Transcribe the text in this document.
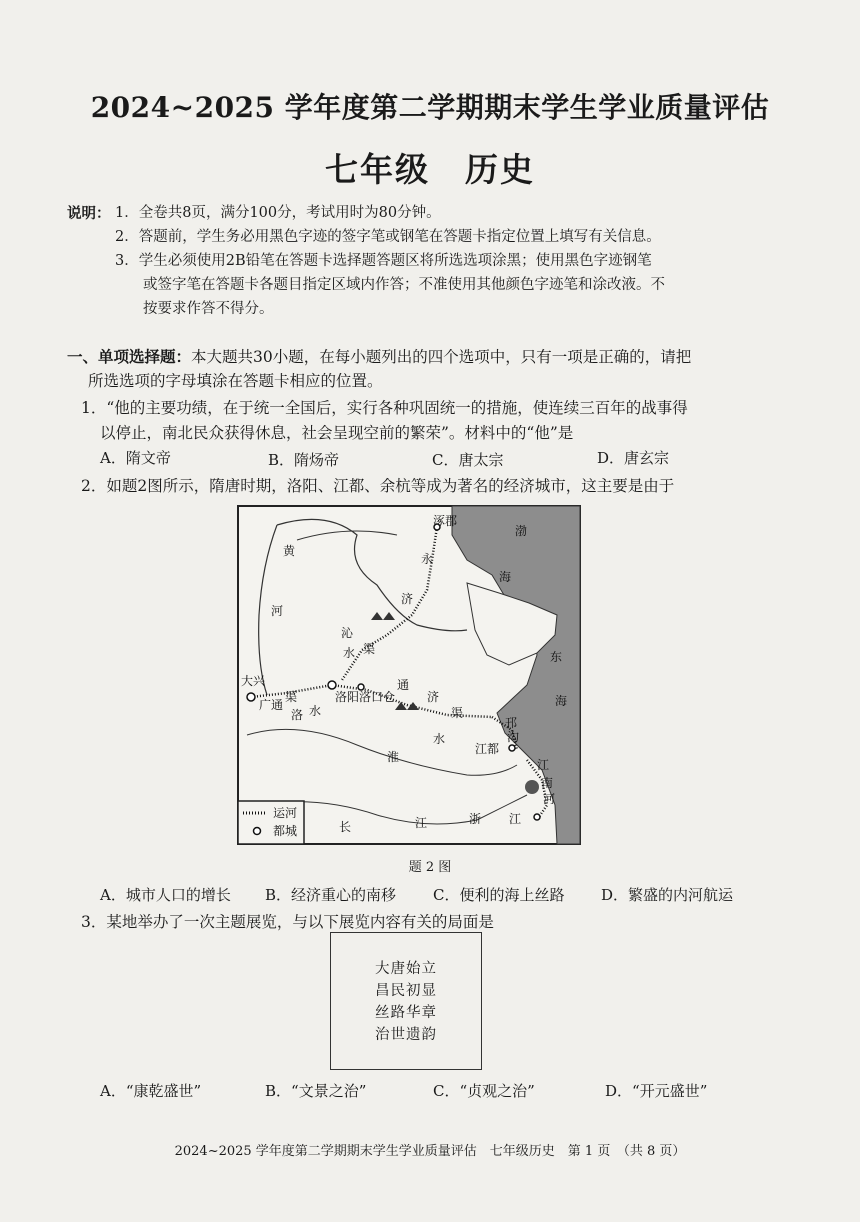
2024~2025 学年度第二学期期末学生学业质量评估
七年级　历史
说明： 1．全卷共8页，满分100分，考试用时为80分钟。
2．答题前，学生务必用黑色字迹的签字笔或钢笔在答题卡指定位置上填写有关信息。
3．学生必须使用2B铅笔在答题卡选择题答题区将所选选项涂黑；使用黑色字迹钢笔
或签字笔在答题卡各题目指定区域内作答；不准使用其他颜色字迹笔和涂改液。不
按要求作答不得分。
一、单项选择题：本大题共30小题，在每小题列出的四个选项中，只有一项是正确的，请把
所选选项的字母填涂在答题卡相应的位置。
1．“他的主要功绩，在于统一全国后，实行各种巩固统一的措施，使连续三百年的战事得
以停止，南北民众获得休息，社会呈现空前的繁荣”。材料中的“他”是
A．隋文帝	B．隋炀帝	C．唐太宗	D．唐玄宗
2．如题2图所示，隋唐时期，洛阳、江都、余杭等成为著名的经济城市，这主要是由于
涿郡
渤
海
黄
河
永
济
沁
水 渠
东
海
大兴
广通
渠	洛阳 洛口仓
洛 水
通
济
渠
邗
沟
江都
淮
水
江
南
河
长	江	浙 江
运河
都城
题 2 图
A．城市人口的增长 B．经济重心的南移 C．便利的海上丝路 D．繁盛的内河航运
3．某地举办了一次主题展览，与以下展览内容有关的局面是
大唐始立
昌民初显
丝路华章
治世遗韵
A．“康乾盛世”	B．“文景之治”	C．“贞观之治”	D．“开元盛世”
2024~2025 学年度第二学期期末学生学业质量评估　七年级历史　第 1 页　（共 8 页）
